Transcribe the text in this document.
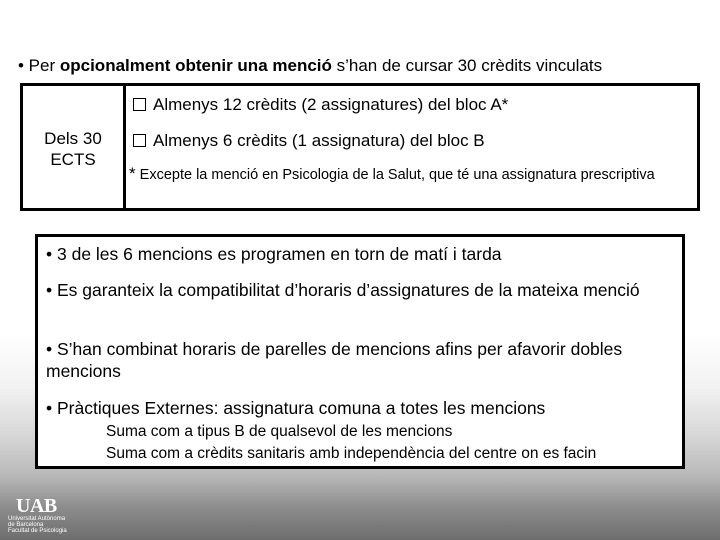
• Per opcionalment obtenir una menció s’han de cursar 30 crèdits vinculats
Dels 30
ECTS
Almenys 12 crèdits (2 assignatures) del bloc A*
Almenys 6 crèdits (1 assignatura) del bloc B
* Excepte la menció en Psicologia de la Salut, que té una assignatura prescriptiva
• 3 de les 6 mencions es programen en torn de matí i tarda
• Es garanteix la compatibilitat d’horaris d’assignatures de la mateixa menció
• S’han combinat horaris de parelles de mencions afins per afavorir dobles mencions
• Pràctiques Externes: assignatura comuna a totes les mencions
Suma com a tipus B de qualsevol de les mencions
Suma com a crèdits sanitaris amb independència del centre on es facin
UAB
Universitat Autònoma
de Barcelona
Facultat de Psicologia
